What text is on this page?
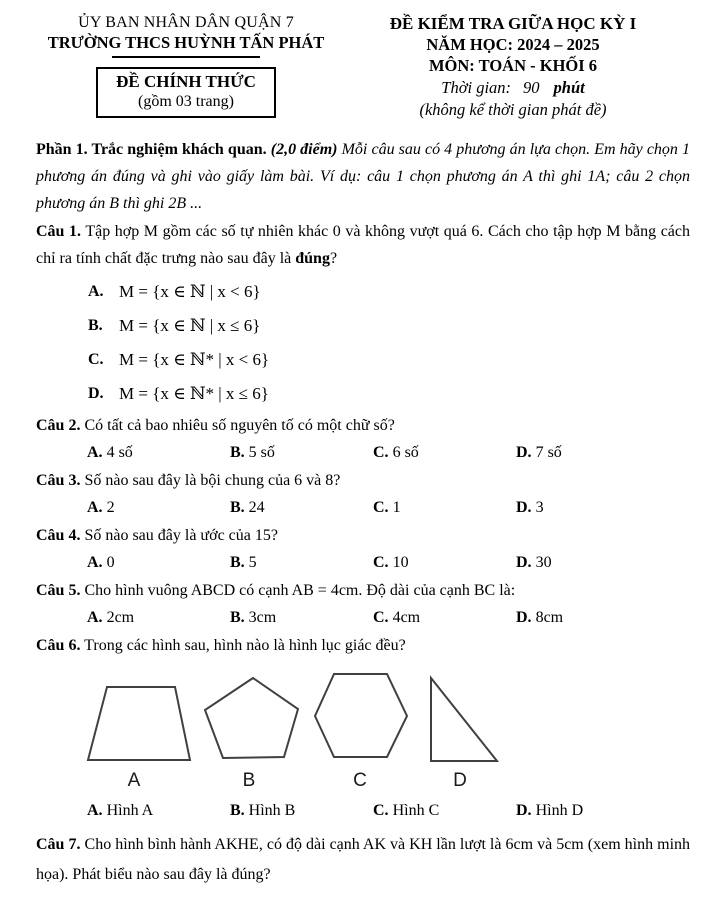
ỦY BAN NHÂN DÂN QUẬN 7
TRƯỜNG THCS HUỲNH TẤN PHÁT
ĐỀ CHÍNH THỨC
(gồm 03 trang)
ĐỀ KIỂM TRA GIỮA HỌC KỲ I
NĂM HỌC: 2024 – 2025
MÔN: TOÁN - KHỐI 6
Thời gian: 90 phút
(không kể thời gian phát đề)

Phần 1. Trắc nghiệm khách quan. (2,0 điểm) Mỗi câu sau có 4 phương án lựa chọn. Em hãy chọn 1 phương án đúng và ghi vào giấy làm bài. Ví dụ: câu 1 chọn phương án A thì ghi 1A; câu 2 chọn phương án B thì ghi 2B ...

Câu 1. Tập hợp M gồm các số tự nhiên khác 0 và không vượt quá 6. Cách cho tập hợp M bằng cách chỉ ra tính chất đặc trưng nào sau đây là đúng?

A. M = {x ∈ ℕ | x < 6}
B. M = {x ∈ ℕ | x ≤ 6}
C. M = {x ∈ ℕ* | x < 6}
D. M = {x ∈ ℕ* | x ≤ 6}

Câu 2. Có tất cả bao nhiêu số nguyên tố có một chữ số?

A. 4 số	B. 5 số	C. 6 số	D. 7 số

Câu 3. Số nào sau đây là bội chung của 6 và 8?

A. 2	B. 24	C. 1	D. 3

Câu 4. Số nào sau đây là ước của 15?

A. 0	B. 5	C. 10	D. 30

Câu 5. Cho hình vuông ABCD có cạnh AB = 4cm. Độ dài của cạnh BC là:

A. 2cm	B. 3cm	C. 4cm	D. 8cm

Câu 6. Trong các hình sau, hình nào là hình lục giác đều?

A	B	C	D
A. Hình A	B. Hình B	C. Hình C	D. Hình D

Câu 7. Cho hình bình hành AKHE, có độ dài cạnh AK và KH lần lượt là 6cm và 5cm (xem hình minh họa). Phát biểu nào sau đây là đúng?
